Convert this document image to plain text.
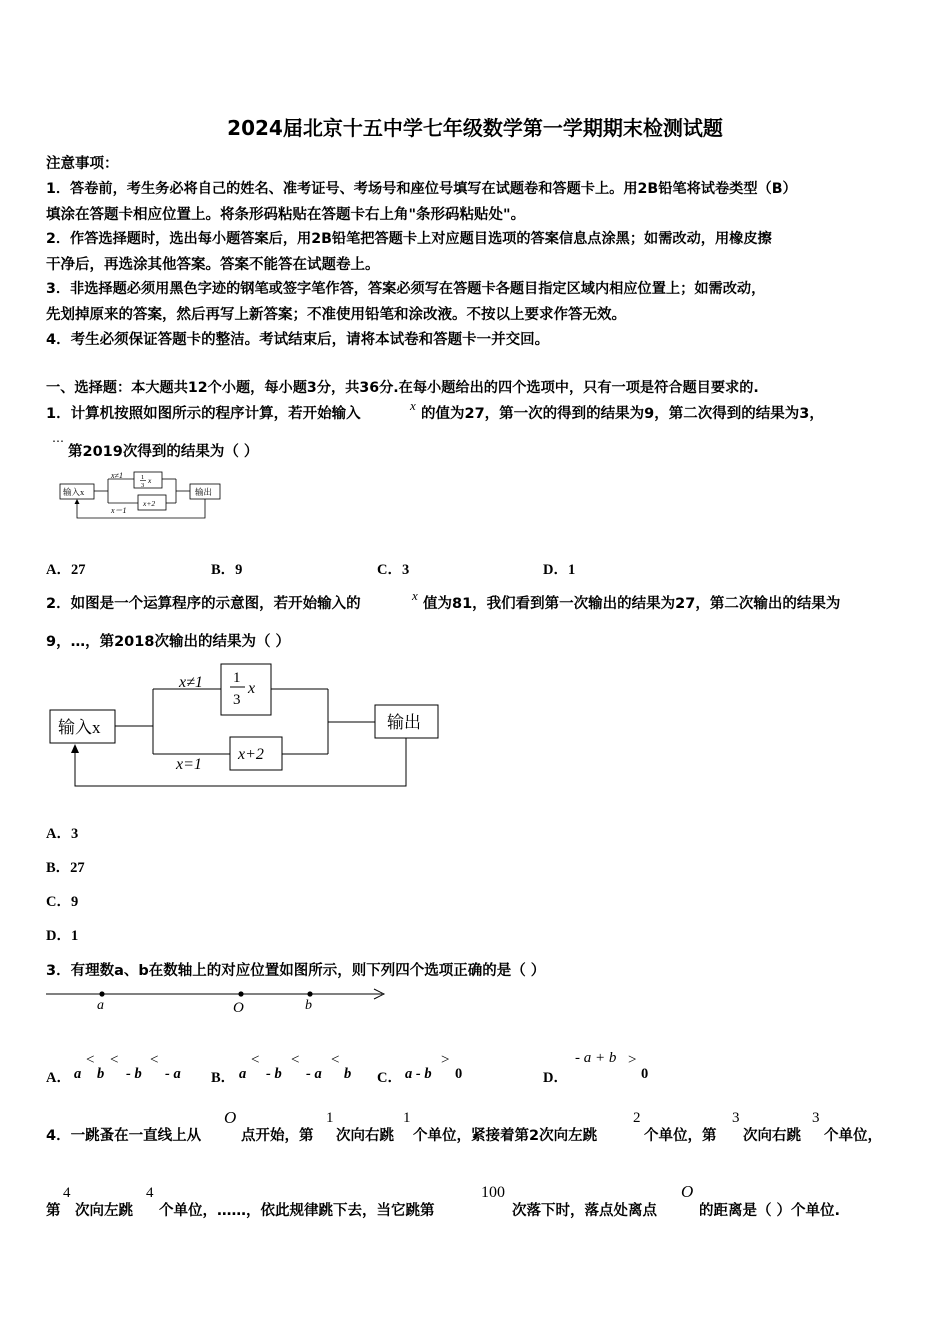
2024届北京十五中学七年级数学第一学期期末检测试题
注意事项：
1．答卷前，考生务必将自己的姓名、准考证号、考场号和座位号填写在试题卷和答题卡上。用2B铅笔将试卷类型（B）
填涂在答题卡相应位置上。将条形码粘贴在答题卡右上角"条形码粘贴处"。
2．作答选择题时，选出每小题答案后，用2B铅笔把答题卡上对应题目选项的答案信息点涂黑；如需改动，用橡皮擦
干净后，再选涂其他答案。答案不能答在试题卷上。
3．非选择题必须用黑色字迹的钢笔或签字笔作答，答案必须写在答题卡各题目指定区域内相应位置上；如需改动，
先划掉原来的答案，然后再写上新答案；不准使用铅笔和涂改液。不按以上要求作答无效。
4．考生必须保证答题卡的整洁。考试结束后，请将本试卷和答题卡一并交回。
一、选择题：本大题共12个小题，每小题3分，共36分.在每小题给出的四个选项中，只有一项是符合题目要求的.
1．计算机按照如图所示的程序计算，若开始输入
x
的值为27，第一次的得到的结果为9，第二次得到的结果为3，
⋯
第2019次得到的结果为（ ）
输入x
x≠1	1
3
x
x+2
x＝1
输出
A．27	B．9	C．3	D．1
2．如图是一个运算程序的示意图，若开始输入的
x
值为81，我们看到第一次输出的结果为27，第二次输出的结果为
9，…，第2018次输出的结果为（ ）
输入x
x≠1 1
3
x
x=1
x+2
输出
A．3
B．27
C．9
D．1
3．有理数a、b在数轴上的对应位置如图所示，则下列四个选项正确的是（ ）
a	O	b
A． a
<
b
<
- b
<
- a B． a
<
- b
<
- a
<
b C． a - b
>
0	D．
- a + b >
0
4．一跳蚤在一直线上从
O
点开始，第
1
次向右跳
1
个单位，紧接着第2次向左跳
2
个单位，第
3
次向右跳
3
个单位，
第
4
次向左跳
4
个单位，……，依此规律跳下去，当它跳第
100
次落下时，落点处离点
O
的距离是（ ）个单位.
